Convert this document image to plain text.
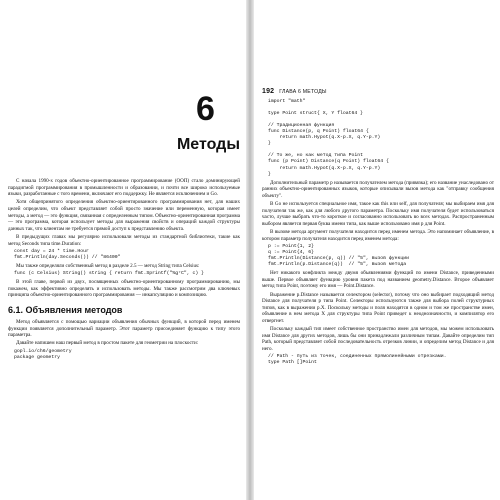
6
Методы

С начала 1990-х годов объектно-ориентированное программирование (ООП) стало доминирующей парадигмой программирования в промышленности и образовании, и почти все широко используемые языки, разработанные с того времени, включают его поддержку. Не является исключением и Go.

Хотя общепринятого определения объектно-ориентированного программирования нет, для наших целей определим, что объект представляет собой просто значение или переменную, которая имеет методы, а метод — это функция, связанная с определенным типом. Объектно-ориентированная программа — это программа, которая использует методы для выражения свойств и операций каждой структуры данных так, что клиентам не требуется прямой доступ к представлению объекта.

В предыдущих главах мы регулярно использовали методы из стандартной библиотеки, такие как метод Seconds типа time.Duration:

const day = 24 * time.Hour
fmt.Println(day.Seconds()) // "86400"

Мы также определяли собственный метод в разделе 2.5 — метод String типа Celsius:

func (c Celsius) String() string { return fmt.Sprintf("%g°C", c) }

В этой главе, первой из двух, посвященных объектно-ориентированному программированию, мы покажем, как эффективно определять и использовать методы. Мы также рассмотрим два ключевых принципа объектно-ориентированного программирования — инкапсуляцию и композицию.

6.1. Объявления методов

Метод объявляется с помощью вариации объявления обычных функций, в которой перед именем функции появляется дополнительный параметр. Этот параметр присоединяет функцию к типу этого параметра.

Давайте напишем наш первый метод в простом пакете для геометрии на плоскости:

gopl.io/ch6/geometry
package geometry
192 ГЛАВА 6 МЕТОДЫ
import "math"

type Point struct{ X, Y float64 }

// Традиционная функция
func Distance(p, q Point) float64 {
return math.Hypot(q.X-p.X, q.Y-p.Y)
}

// То же, но как метод типа Point
func (p Point) Distance(q Point) float64 {
return math.Hypot(q.X-p.X, q.Y-p.Y)
}

Дополнительный параметр p называется получателем метода (привязка); его название унаследовано от ранних объектно-ориентированных языков, которые описывали вызов метода как "отправку сообщения объекту".

В Go не используется специальное имя, такое как this или self, для получателя; мы выбираем имя для получателя так же, как для любого другого параметра. Поскольку имя получателя будет использоваться часто, лучше выбрать что-то короткое и согласованно использовать во всех методах. Распространенным выбором является первая буква имени типа, как выше использовано имя p для Point.

В вызове метода аргумент получателя находится перед именем метода. Это напоминает объявление, в котором параметр получателя находится перед именем метода:

p := Point{1, 2}
q := Point{4, 6}
fmt.Println(Distance(p, q)) // "5", вызов функции
fmt.Println(p.Distance(q))  // "5", вызов метода

Нет никакого конфликта между двумя объявлениями функций по имени Distance, приведенными выше. Первое объявляет функцию уровня пакета под названием geometry.Distance. Второе объявляет метод типа Point, поэтому его имя — Point.Distance.

Выражение p.Distance называется селектором (selector), потому что оно выбирает подходящий метод Distance для получателя p типа Point. Селекторы используются также для выбора полей структурных типов, как в выражении p.X. Поскольку методы и поля находятся в одном и том же пространстве имен, объявление в нем метода X для структуры типа Point приведет к неоднозначности, и компилятор его отвергнет.

Поскольку каждый тип имеет собственное пространство имен для методов, мы можем использовать имя Distance для других методов, лишь бы они принадлежали различным типам. Давайте определим тип Path, который представляет собой последовательность отрезков линии, и определим метод Distance и для него.

// Path - путь из точек, соединенных прямолинейными отрезками.
type Path []Point
